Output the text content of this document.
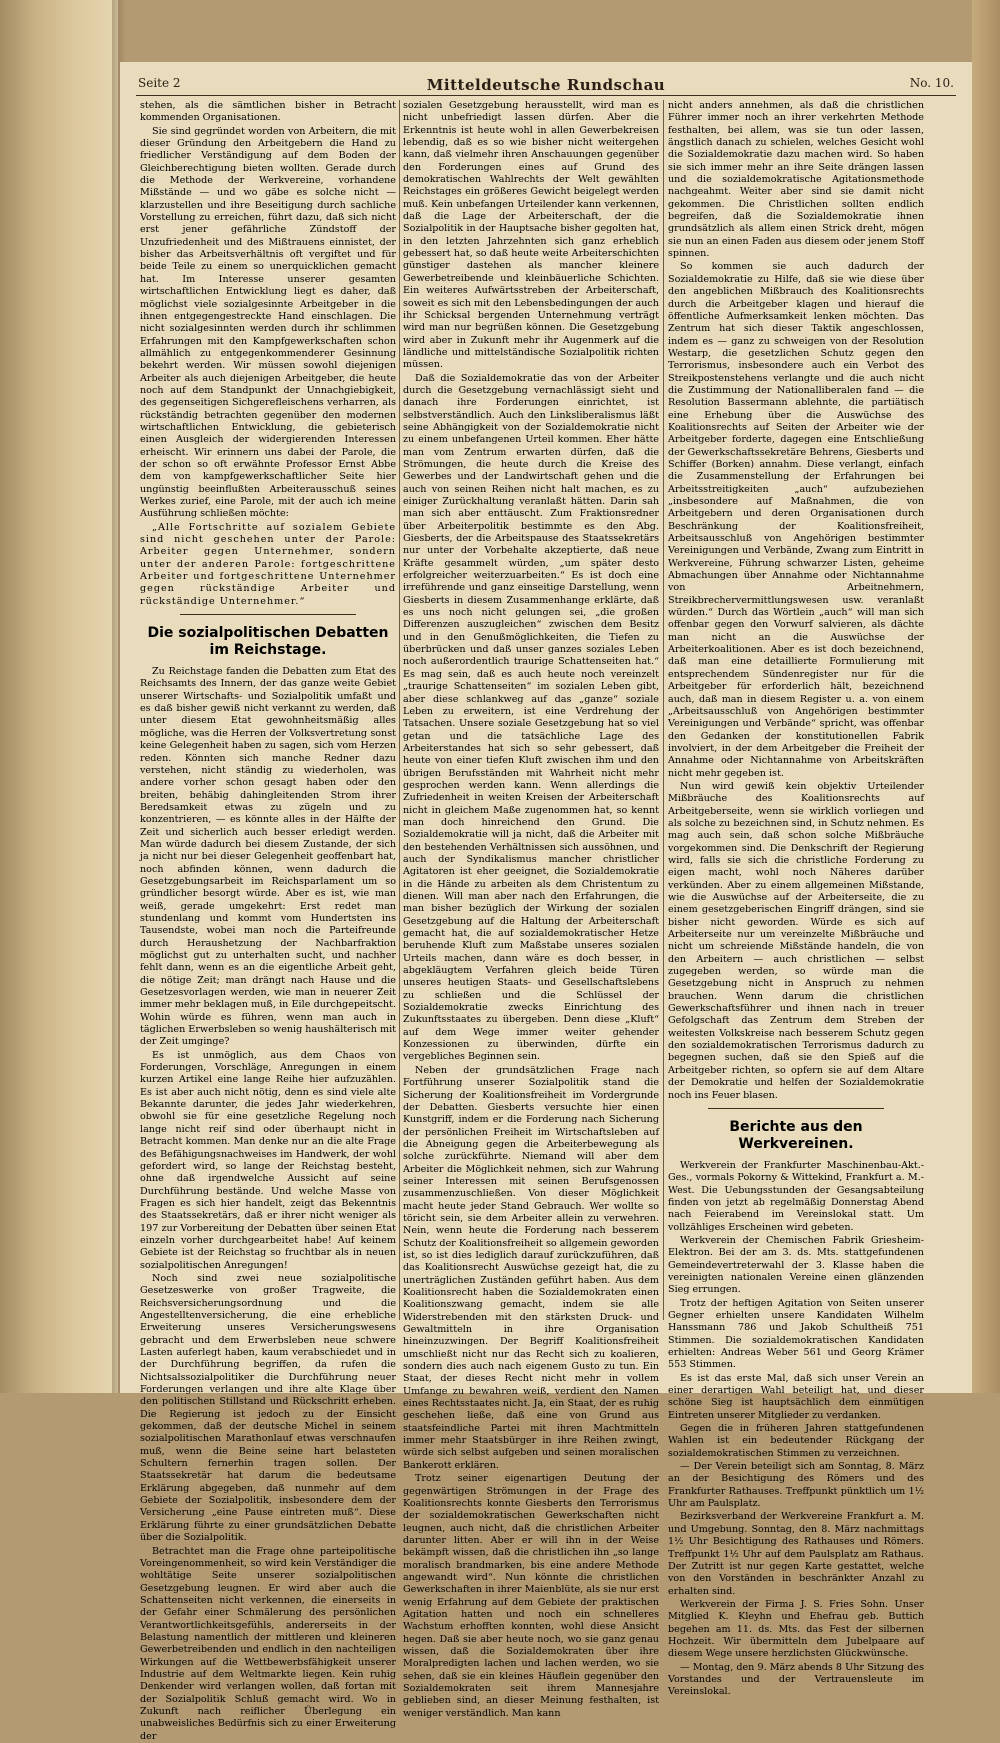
Seite 2	Mitteldeutsche Rundschau	No. 10.

stehen, als die sämtlichen bisher in Betracht kommenden Organisationen.

Sie sind gegründet worden von Arbeitern, die mit dieser Gründung den Arbeitgebern die Hand zu friedlicher Verständigung auf dem Boden der Gleichberechtigung bieten wollten. Gerade durch die Methode der Werkvereine, vorhandene Mißstände — und wo gäbe es solche nicht — klarzustellen und ihre Beseitigung durch sachliche Vorstellung zu erreichen, führt dazu, daß sich nicht erst jener gefährliche Zündstoff der Unzufriedenheit und des Mißtrauens einnistet, der bisher das Arbeitsverhältnis oft vergiftet und für beide Teile zu einem so unerquicklichen gemacht hat. Im Interesse unserer gesamten wirtschaftlichen Entwicklung liegt es daher, daß möglichst viele sozialgesinnte Arbeitgeber in die ihnen entgegengestreckte Hand einschlagen. Die nicht sozialgesinnten werden durch ihr schlimmen Erfahrungen mit den Kampfgewerkschaften schon allmählich zu entgegenkommenderer Gesinnung bekehrt werden. Wir müssen sowohl diejenigen Arbeiter als auch diejenigen Arbeitgeber, die heute noch auf dem Standpunkt der Unnachgiebigkeit, des gegenseitigen Sichgerefleischens verharren, als rückständig betrachten gegenüber den modernen wirtschaftlichen Entwicklung, die gebieterisch einen Ausgleich der widergierenden Interessen erheischt. Wir erinnern uns dabei der Parole, die der schon so oft erwähnte Professor Ernst Abbe dem von kampfgewerkschaftlicher Seite hier ungünstig beeinflußten Arbeiterausschuß seines Werkes zurief, eine Parole, mit der auch ich meine Ausführung schließen möchte:

„Alle Fortschritte auf sozialem Gebiete sind nicht geschehen unter der Parole: Arbeiter gegen Unternehmer, sondern unter der anderen Parole: fortgeschrittene Arbeiter und fortgeschrittene Unternehmer gegen rückständige Arbeiter und rückständige Unternehmer.“

Die sozialpolitischen Debatten im Reichstage.

Zu Reichstage fanden die Debatten zum Etat des Reichsamts des Innern, der das ganze weite Gebiet unserer Wirtschafts- und Sozialpolitik umfaßt und es daß bisher gewiß nicht verkannt zu werden, daß unter diesem Etat gewohnheitsmäßig alles mögliche, was die Herren der Volksvertretung sonst keine Gelegenheit haben zu sagen, sich vom Herzen reden. Könnten sich manche Redner dazu verstehen, nicht ständig zu wiederholen, was andere vorher schon gesagt haben oder den breiten, behäbig dahingleitenden Strom ihrer Beredsamkeit etwas zu zügeln und zu konzentrieren, — es könnte alles in der Hälfte der Zeit und sicherlich auch besser erledigt werden. Man würde dadurch bei diesem Zustande, der sich ja nicht nur bei dieser Gelegenheit geoffenbart hat, noch abfinden können, wenn dadurch die Gesetzgebungsarbeit im Reichsparlament um so gründlicher besorgt würde. Aber es ist, wie man weiß, gerade umgekehrt: Erst redet man stundenlang und kommt vom Hundertsten ins Tausendste, wobei man noch die Parteifreunde durch Heraushetzung der Nachbarfraktion möglichst gut zu unterhalten sucht, und nachher fehlt dann, wenn es an die eigentliche Arbeit geht, die nötige Zeit; man drängt nach Hause und die Gesetzesvorlagen werden, wie man in neuerer Zeit immer mehr beklagen muß, in Eile durchgepeitscht. Wohin würde es führen, wenn man auch in täglichen Erwerbsleben so wenig haushälterisch mit der Zeit umginge?

Es ist unmöglich, aus dem Chaos von Forderungen, Vorschläge, Anregungen in einem kurzen Artikel eine lange Reihe hier aufzuzählen. Es ist aber auch nicht nötig, denn es sind viele alte Bekannte darunter, die jedes Jahr wiederkehren, obwohl sie für eine gesetzliche Regelung noch lange nicht reif sind oder überhaupt nicht in Betracht kommen. Man denke nur an die alte Frage des Befähigungsnachweises im Handwerk, der wohl gefordert wird, so lange der Reichstag besteht, ohne daß irgendwelche Aussicht auf seine Durchführung bestände. Und welche Masse von Fragen es sich hier handelt, zeigt das Bekenntnis des Staatssekretärs, daß er ihrer nicht weniger als 197 zur Vorbereitung der Debatten über seinen Etat einzeln vorher durchgearbeitet habe! Auf keinem Gebiete ist der Reichstag so fruchtbar als in neuen sozialpolitischen Anregungen!

Noch sind zwei neue sozialpolitische Gesetzeswerke von großer Tragweite, die Reichsversicherungsordnung und die Angestelltenversicherung, die eine erhebliche Erweiterung unseres Versicherungswesens gebracht und dem Erwerbsleben neue schwere Lasten auferlegt haben, kaum verabschiedet und in der Durchführung begriffen, da rufen die Nichtsalssozialpolitiker die Durchführung neuer Forderungen verlangen und ihre alte Klage über den politischen Stillstand und Rückschritt erheben. Die Regierung ist jedoch zu der Einsicht gekommen, daß der deutsche Michel in seinem sozialpolitischen Marathonlauf etwas verschnaufen muß, wenn die Beine seine hart belasteten Schultern fernerhin tragen sollen. Der Staatssekretär hat darum die bedeutsame Erklärung abgegeben, daß nunmehr auf dem Gebiete der Sozialpolitik, insbesondere dem der Versicherung „eine Pause eintreten muß“. Diese Erklärung führte zu einer grundsätzlichen Debatte über die Sozialpolitik.

Betrachtet man die Frage ohne parteipolitische Voreingenommenheit, so wird kein Verständiger die wohltätige Seite unserer sozialpolitischen Gesetzgebung leugnen. Er wird aber auch die Schattenseiten nicht verkennen, die einerseits in der Gefahr einer Schmälerung des persönlichen Verantwortlichkeitsgefühls, andererseits in der Belastung namentlich der mittleren und kleineren Gewerbetreibenden und endlich in den nachteiligen Wirkungen auf die Wettbewerbsfähigkeit unserer Industrie auf dem Weltmarkte liegen. Kein ruhig Denkender wird verlangen wollen, daß fortan mit der Sozialpolitik Schluß gemacht wird. Wo in Zukunft nach reiflicher Überlegung ein unabweisliches Bedürfnis sich zu einer Erweiterung der

sozialen Gesetzgebung herausstellt, wird man es nicht unbefriedigt lassen dürfen. Aber die Erkenntnis ist heute wohl in allen Gewerbekreisen lebendig, daß es so wie bisher nicht weitergehen kann, daß vielmehr ihren Anschauungen gegenüber den Forderungen eines auf Grund des demokratischen Wahlrechts der Welt gewählten Reichstages ein größeres Gewicht beigelegt werden muß. Kein unbefangen Urteilender kann verkennen, daß die Lage der Arbeiterschaft, der die Sozialpolitik in der Hauptsache bisher gegolten hat, in den letzten Jahrzehnten sich ganz erheblich gebessert hat, so daß heute weite Arbeiterschichten günstiger dastehen als mancher kleinere Gewerbetreibende und kleinbäuerliche Schichten. Ein weiteres Aufwärtsstreben der Arbeiterschaft, soweit es sich mit den Lebensbedingungen der auch ihr Schicksal bergenden Unternehmung verträgt wird man nur begrüßen können. Die Gesetzgebung wird aber in Zukunft mehr ihr Augenmerk auf die ländliche und mittelständische Sozialpolitik richten müssen.

Daß die Sozialdemokratie das von der Arbeiter durch die Gesetzgebung vernachlässigt sieht und danach ihre Forderungen einrichtet, ist selbstverständlich. Auch den Linksliberalismus läßt seine Abhängigkeit von der Sozialdemokratie nicht zu einem unbefangenen Urteil kommen. Eher hätte man vom Zentrum erwarten dürfen, daß die Strömungen, die heute durch die Kreise des Gewerbes und der Landwirtschaft gehen und die auch von seinen Reihen nicht halt machen, es zu einiger Zurückhaltung veranlaßt hätten. Darin sah man sich aber enttäuscht. Zum Fraktionsredner über Arbeiterpolitik bestimmte es den Abg. Giesberts, der die Arbeitspause des Staatssekretärs nur unter der Vorbehalte akzeptierte, daß neue Kräfte gesammelt würden, „um später desto erfolgreicher weiterzuarbeiten.“ Es ist doch eine irreführende und ganz einseitige Darstellung, wenn Giesberts in diesem Zusammenhange erklärte, daß es uns noch nicht gelungen sei, „die großen Differenzen auszugleichen“ zwischen dem Besitz und in den Genußmöglichkeiten, die Tiefen zu überbrücken und daß unser ganzes soziales Leben noch außerordentlich traurige Schattenseiten hat.“ Es mag sein, daß es auch heute noch vereinzelt „traurige Schattenseiten“ im sozialen Leben gibt, aber diese schlankweg auf das „ganze“ soziale Leben zu erweitern, ist eine Verdrehung der Tatsachen. Unsere soziale Gesetzgebung hat so viel getan und die tatsächliche Lage des Arbeiterstandes hat sich so sehr gebessert, daß heute von einer tiefen Kluft zwischen ihm und den übrigen Berufsständen mit Wahrheit nicht mehr gesprochen werden kann. Wenn allerdings die Zufriedenheit in weiten Kreisen der Arbeiterschaft nicht in gleichem Maße zugenommen hat, so kennt man doch hinreichend den Grund. Die Sozialdemokratie will ja nicht, daß die Arbeiter mit den bestehenden Verhältnissen sich aussöhnen, und auch der Syndikalismus mancher christlicher Agitatoren ist eher geeignet, die Sozialdemokratie in die Hände zu arbeiten als dem Christentum zu dienen. Will man aber nach den Erfahrungen, die man bisher bezüglich der Wirkung der sozialen Gesetzgebung auf die Haltung der Arbeiterschaft gemacht hat, die auf sozialdemokratischer Hetze beruhende Kluft zum Maßstabe unseres sozialen Urteils machen, dann wäre es doch besser, in abgekläugtem Verfahren gleich beide Türen unseres heutigen Staats- und Gesellschaftslebens zu schließen und die Schlüssel der Sozialdemokratie zwecks Einrichtung des Zukunftsstaates zu übergeben. Denn diese „Kluft“ auf dem Wege immer weiter gehender Konzessionen zu überwinden, dürfte ein vergebliches Beginnen sein.

Neben der grundsätzlichen Frage nach Fortführung unserer Sozialpolitik stand die Sicherung der Koalitionsfreiheit im Vordergrunde der Debatten. Giesberts versuchte hier einen Kunstgriff, indem er die Forderung nach Sicherung der persönlichen Freiheit im Wirtschaftsleben auf die Abneigung gegen die Arbeiterbewegung als solche zurückführte. Niemand will aber dem Arbeiter die Möglichkeit nehmen, sich zur Wahrung seiner Interessen mit seinen Berufsgenossen zusammenzuschließen. Von dieser Möglichkeit macht heute jeder Stand Gebrauch. Wer wollte so töricht sein, sie dem Arbeiter allein zu verwehren. Nein, wenn heute die Forderung nach besserem Schutz der Koalitionsfreiheit so allgemein geworden ist, so ist dies lediglich darauf zurückzuführen, daß das Koalitionsrecht Auswüchse gezeigt hat, die zu unerträglichen Zuständen geführt haben. Aus dem Koalitionsrecht haben die Sozialdemokraten einen Koalitionszwang gemacht, indem sie alle Widerstrebenden mit den stärksten Druck- und Gewaltmitteln in ihre Organisation hineinzuzwingen. Der Begriff Koalitionsfreiheit umschließt nicht nur das Recht sich zu koalieren, sondern dies auch nach eigenem Gusto zu tun. Ein Staat, der dieses Recht nicht mehr in vollem Umfange zu bewahren weiß, verdient den Namen eines Rechtsstaates nicht. Ja, ein Staat, der es ruhig geschehen ließe, daß eine von Grund aus staatsfeindliche Partei mit ihren Machtmitteln immer mehr Staatsbürger in ihre Reihen zwingt, würde sich selbst aufgeben und seinen moralischen Bankerott erklären.

Trotz seiner eigenartigen Deutung der gegenwärtigen Strömungen in der Frage des Koalitionsrechts konnte Giesberts den Terrorismus der sozialdemokratischen Gewerkschaften nicht leugnen, auch nicht, daß die christlichen Arbeiter darunter litten. Aber er will ihn in der Weise bekämpft wissen, daß die christlichen ihn „so lange moralisch brandmarken, bis eine andere Methode angewandt wird“. Nun könnte die christlichen Gewerkschaften in ihrer Maienblüte, als sie nur erst wenig Erfahrung auf dem Gebiete der praktischen Agitation hatten und noch ein schnelleres Wachstum erhofften konnten, wohl diese Ansicht hegen. Daß sie aber heute noch, wo sie ganz genau wissen, daß die Sozialdemokraten über ihre Moralpredigten lachen und lachen werden, wo sie sehen, daß sie ein kleines Häuflein gegenüber den Sozialdemokraten seit ihrem Mannesjahre geblieben sind, an dieser Meinung festhalten, ist weniger verständlich. Man kann

nicht anders annehmen, als daß die christlichen Führer immer noch an ihrer verkehrten Methode festhalten, bei allem, was sie tun oder lassen, ängstlich danach zu schielen, welches Gesicht wohl die Sozialdemokratie dazu machen wird. So haben sie sich immer mehr an ihre Seite drängen lassen und die sozialdemokratische Agitationsmethode nachgeahmt. Weiter aber sind sie damit nicht gekommen. Die Christlichen sollten endlich begreifen, daß die Sozialdemokratie ihnen grundsätzlich als allem einen Strick dreht, mögen sie nun an einen Faden aus diesem oder jenem Stoff spinnen.

So kommen sie auch dadurch der Sozialdemokratie zu Hilfe, daß sie wie diese über den angeblichen Mißbrauch des Koalitionsrechts durch die Arbeitgeber klagen und hierauf die öffentliche Aufmerksamkeit lenken möchten. Das Zentrum hat sich dieser Taktik angeschlossen, indem es — ganz zu schweigen von der Resolution Westarp, die gesetzlichen Schutz gegen den Terrorismus, insbesondere auch ein Verbot des Streikpostenstehens verlangte und die auch nicht die Zustimmung der Nationalliberalen fand — die Resolution Bassermann ablehnte, die partiätisch eine Erhebung über die Auswüchse des Koalitionsrechts auf Seiten der Arbeiter wie der Arbeitgeber forderte, dagegen eine Entschließung der Gewerkschaftssekretäre Behrens, Giesberts und Schiffer (Borken) annahm. Diese verlangt, einfach die Zusammenstellung der Erfahrungen bei Arbeitsstreitigkeiten „auch“ aufzubeziehen „insbesondere auf Maßnahmen, die von Arbeitgebern und deren Organisationen durch Beschränkung der Koalitionsfreiheit, Arbeitsausschluß von Angehörigen bestimmter Vereinigungen und Verbände, Zwang zum Eintritt in Werkvereine, Führung schwarzer Listen, geheime Abmachungen über Annahme oder Nichtannahme von Arbeitnehmern, Streikbrechervermittlungswesen usw. veranlaßt würden.“ Durch das Wörtlein „auch“ will man sich offenbar gegen den Vorwurf salvieren, als dächte man nicht an die Auswüchse der Arbeiterkoalitionen. Aber es ist doch bezeichnend, daß man eine detaillierte Formulierung mit entsprechendem Sündenregister nur für die Arbeitgeber für erforderlich hält, bezeichnend auch, daß man in diesem Register u. a. von einem „Arbeitsausschluß von Angehörigen bestimmter Vereinigungen und Verbände“ spricht, was offenbar den Gedanken der konstitutionellen Fabrik involviert, in der dem Arbeitgeber die Freiheit der Annahme oder Nichtannahme von Arbeitskräften nicht mehr gegeben ist.

Nun wird gewiß kein objektiv Urteilender Mißbräuche des Koalitionsrechts auf Arbeitgeberseite, wenn sie wirklich vorliegen und als solche zu bezeichnen sind, in Schutz nehmen. Es mag auch sein, daß schon solche Mißbräuche vorgekommen sind. Die Denkschrift der Regierung wird, falls sie sich die christliche Forderung zu eigen macht, wohl noch Näheres darüber verkünden. Aber zu einem allgemeinen Mißstande, wie die Auswüchse auf der Arbeiterseite, die zu einem gesetzgeberischen Eingriff drängen, sind sie bisher nicht geworden. Würde es sich auf Arbeiterseite nur um vereinzelte Mißbräuche und nicht um schreiende Mißstände handeln, die von den Arbeitern — auch christlichen — selbst zugegeben werden, so würde man die Gesetzgebung nicht in Anspruch zu nehmen brauchen. Wenn darum die christlichen Gewerkschaftsführer und ihnen nach in treuer Gefolgschaft das Zentrum dem Streben der weitesten Volkskreise nach besserem Schutz gegen den sozialdemokratischen Terrorismus dadurch zu begegnen suchen, daß sie den Spieß auf die Arbeitgeber richten, so opfern sie auf dem Altare der Demokratie und helfen der Sozialdemokratie noch ins Feuer blasen.

Berichte aus den Werkvereinen.

Werkverein der Frankfurter Maschinenbau-Akt.-Ges., vormals Pokorny & Wittekind, Frankfurt a. M.-West. Die Uebungsstunden der Gesangsabteilung finden von jetzt ab regelmäßig Donnerstag Abend nach Feierabend im Vereinslokal statt. Um vollzähliges Erscheinen wird gebeten.

Werkverein der Chemischen Fabrik Griesheim-Elektron. Bei der am 3. ds. Mts. stattgefundenen Gemeindevertreterwahl der 3. Klasse haben die vereinigten nationalen Vereine einen glänzenden Sieg errungen.

Trotz der heftigen Agitation von Seiten unserer Gegner erhielten unsere Kandidaten Wilhelm Hanssmann 786 und Jakob Schultheiß 751 Stimmen. Die sozialdemokratischen Kandidaten erhielten: Andreas Weber 561 und Georg Krämer 553 Stimmen.

Es ist das erste Mal, daß sich unser Verein an einer derartigen Wahl beteiligt hat, und dieser schöne Sieg ist hauptsächlich dem einmütigen Eintreten unserer Mitglieder zu verdanken.

Gegen die in früheren Jahren stattgefundenen Wahlen ist ein bedeutender Rückgang der sozialdemokratischen Stimmen zu verzeichnen.

— Der Verein beteiligt sich am Sonntag, 8. März an der Besichtigung des Römers und des Frankfurter Rathauses. Treffpunkt pünktlich um 1½ Uhr am Paulsplatz.

Bezirksverband der Werkvereine Frankfurt a. M. und Umgebung. Sonntag, den 8. März nachmittags 1½ Uhr Besichtigung des Rathauses und Römers. Treffpunkt 1½ Uhr auf dem Paulsplatz am Rathaus. Der Zutritt ist nur gegen Karte gestattet, welche von den Vorständen in beschränkter Anzahl zu erhalten sind.

Werkverein der Firma J. S. Fries Sohn. Unser Mitglied K. Kleyhn und Ehefrau geb. Buttich begehen am 11. ds. Mts. das Fest der silbernen Hochzeit. Wir übermitteln dem Jubelpaare auf diesem Wege unsere herzlichsten Glückwünsche.

— Montag, den 9. März abends 8 Uhr Sitzung des Vorstandes und der Vertrauensleute im Vereinslokal.
